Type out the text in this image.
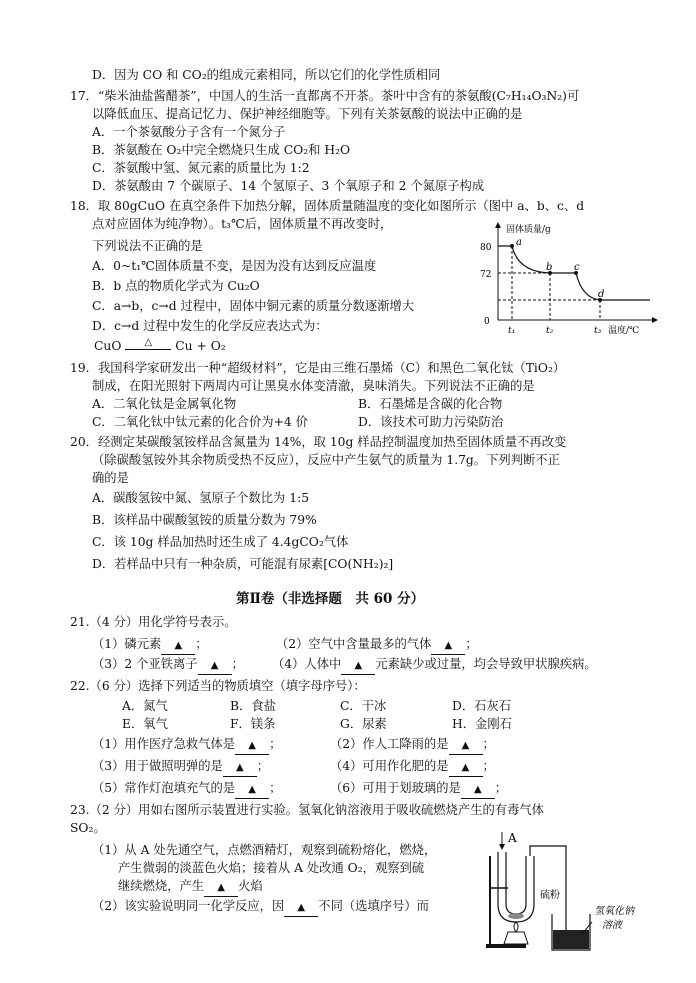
D．因为 CO 和 CO₂的组成元素相同，所以它们的化学性质相同
17．“柴米油盐酱醋茶”，中国人的生活一直都离不开茶。茶叶中含有的茶氨酸(C₇H₁₄O₃N₂)可
以降低血压、提高记忆力、保护神经细胞等。下列有关茶氨酸的说法中正确的是
A．一个茶氨酸分子含有一个氮分子
B．茶氨酸在 O₂中完全燃烧只生成 CO₂和 H₂O
C．茶氨酸中氢、氮元素的质量比为 1:2
D．茶氨酸由 7 个碳原子、14 个氢原子、3 个氧原子和 2 个氮原子构成
18．取 80gCuO 在真空条件下加热分解，固体质量随温度的变化如图所示（图中 a、b、c、d
点对应固体为纯净物）。t₃℃后，固体质量不再改变时，
下列说法不正确的是
A．0~t₁℃固体质量不变，是因为没有达到反应温度
B．b 点的物质化学式为 Cu₂O
C．a→b，c→d 过程中，固体中铜元素的质量分数逐渐增大
D．c→d 过程中发生的化学反应表达式为：
CuO △ Cu + O₂
固体质量/g
温度/℃
0
80
72
t₁	t₂	t₃
a
b c
d
19．我国科学家研发出一种“超级材料”，它是由三维石墨烯（C）和黑色二氧化钛（TiO₂）
制成，在阳光照射下两周内可让黑臭水体变清澈，臭味消失。下列说法不正确的是
A．二氧化钛是金属氧化物	B．石墨烯是含碳的化合物
C．二氧化钛中钛元素的化合价为+4 价	D．该技术可助力污染防治
20．经测定某碳酸氢铵样品含氮量为 14%，取 10g 样品控制温度加热至固体质量不再改变
（除碳酸氢铵外其余物质受热不反应），反应中产生氨气的质量为 1.7g。下列判断不正
确的是
A．碳酸氢铵中氮、氢原子个数比为 1:5
B．该样品中碳酸氢铵的质量分数为 79%
C．该 10g 样品加热时还生成了 4.4gCO₂气体
D．若样品中只有一种杂质，可能混有尿素[CO(NH₂)₂]
第Ⅱ卷（非选择题　共 60 分）
21.（4 分）用化学符号表示。
（1）磷元素 ▲ ；	（2）空气中含量最多的气体 ▲ ；
（3）2 个亚铁离子 ▲ ； （4）人体中 ▲ 元素缺少或过量，均会导致甲状腺疾病。
22.（6 分）选择下列适当的物质填空（填字母序号）：
A．氮气	B．食盐	C．干冰	D．石灰石
E．氧气	F．镁条	G．尿素	H．金刚石
（1）用作医疗急救气体是 ▲ ；	（2）作人工降雨的是 ▲ ；
（3）用于做照明弹的是 ▲ ；	（4）可用作化肥的是 ▲ ；
（5）常作灯泡填充气的是 ▲ ；	（6）可用于划玻璃的是 ▲ ；
23.（2 分）用如右图所示装置进行实验。氢氧化钠溶液用于吸收硫燃烧产生的有毒气体
SO₂。
（1）从 A 处先通空气，点燃酒精灯，观察到硫粉熔化，燃烧，
产生微弱的淡蓝色火焰；接着从 A 处改通 O₂，观察到硫
继续燃烧，产生 ▲ 火焰
（2）该实验说明同一化学反应，因 ▲ 不同（选填序号）而
A
硫粉
氢氧化钠
溶液
